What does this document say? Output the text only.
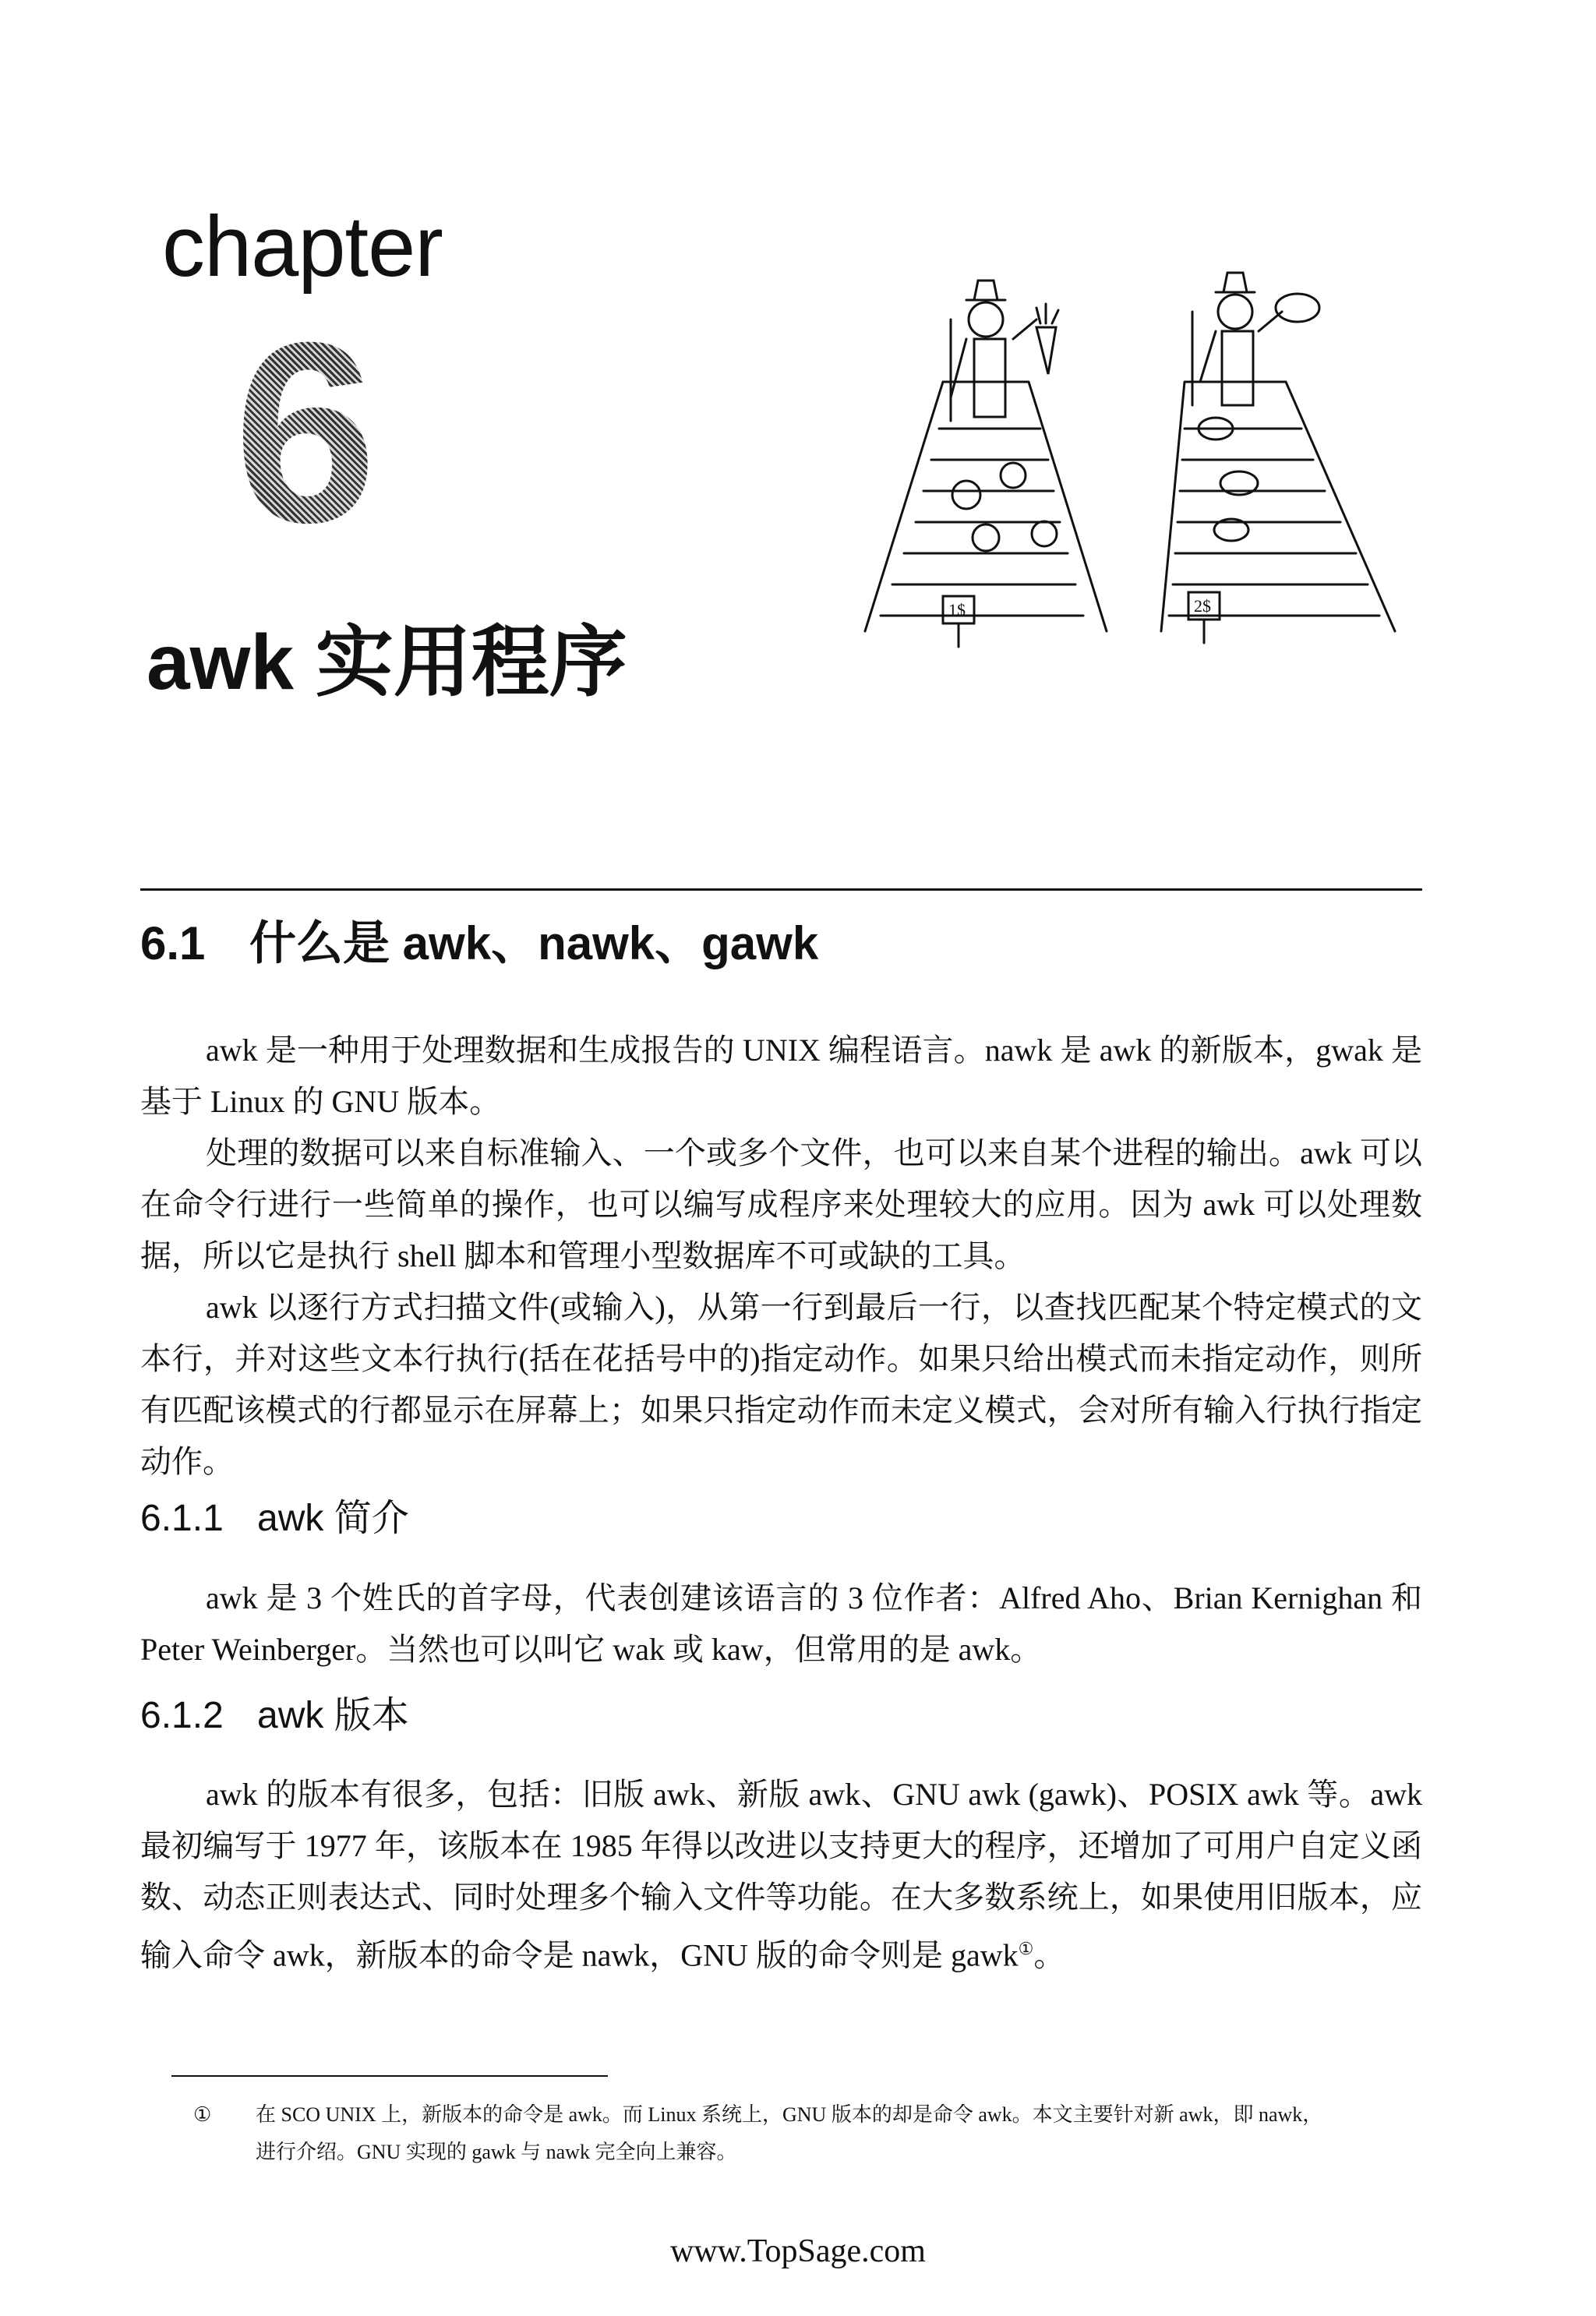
chapter
6
awk 实用程序
1$	2$
6.1 什么是 awk、nawk、gawk
awk 是一种用于处理数据和生成报告的 UNIX 编程语言。nawk 是 awk 的新版本，gwak 是基于 Linux 的 GNU 版本。
处理的数据可以来自标准输入、一个或多个文件，也可以来自某个进程的输出。awk 可以在命令行进行一些简单的操作，也可以编写成程序来处理较大的应用。因为 awk 可以处理数据，所以它是执行 shell 脚本和管理小型数据库不可或缺的工具。
awk 以逐行方式扫描文件(或输入)，从第一行到最后一行，以查找匹配某个特定模式的文本行，并对这些文本行执行(括在花括号中的)指定动作。如果只给出模式而未指定动作，则所有匹配该模式的行都显示在屏幕上；如果只指定动作而未定义模式，会对所有输入行执行指定动作。
6.1.1 awk 简介
awk 是 3 个姓氏的首字母，代表创建该语言的 3 位作者：Alfred Aho、Brian Kernighan 和 Peter Weinberger。当然也可以叫它 wak 或 kaw，但常用的是 awk。
6.1.2 awk 版本
awk 的版本有很多，包括：旧版 awk、新版 awk、GNU awk (gawk)、POSIX awk 等。awk 最初编写于 1977 年，该版本在 1985 年得以改进以支持更大的程序，还增加了可用户自定义函数、动态正则表达式、同时处理多个输入文件等功能。在大多数系统上，如果使用旧版本，应输入命令 awk，新版本的命令是 nawk，GNU 版的命令则是 gawk①。
① 在 SCO UNIX 上，新版本的命令是 awk。而 Linux 系统上，GNU 版本的却是命令 awk。本文主要针对新 awk，即 nawk，
进行介绍。GNU 实现的 gawk 与 nawk 完全向上兼容。
www.TopSage.com
